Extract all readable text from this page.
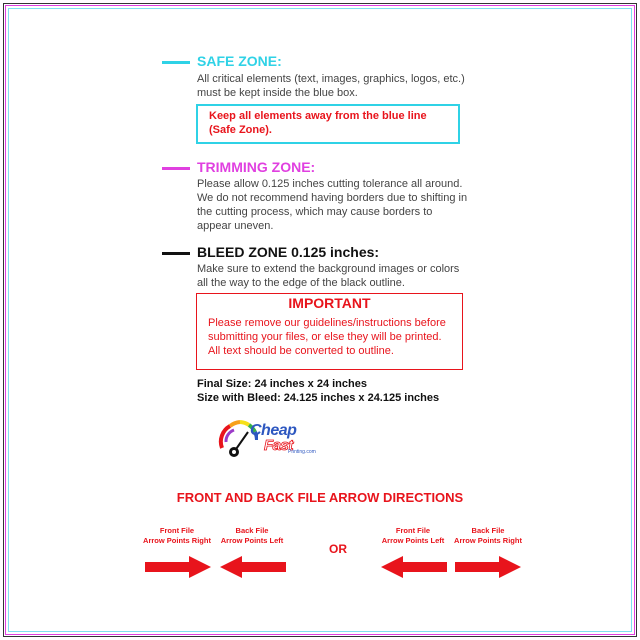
SAFE ZONE:
All critical elements (text, images, graphics, logos, etc.)
must be kept inside the blue box.
Keep all elements away from the blue line
(Safe Zone).
TRIMMING ZONE:
Please allow 0.125 inches cutting tolerance all around.
We do not recommend having borders due to shifting in
the cutting process, which may cause borders to
appear uneven.
BLEED ZONE 0.125 inches:
Make sure to extend the background images or colors
all the way to the edge of the black outline.
IMPORTANT
Please remove our guidelines/instructions before
submitting your files, or else they will be printed.
All text should be converted to outline.
Final Size: 24 inches x 24 inches
Size with Bleed: 24.125 inches x 24.125 inches
Cheap
Fast
Printing.com
FRONT AND BACK FILE ARROW DIRECTIONS
Front File
Arrow Points Right
Back File
Arrow Points Left
OR
Front File
Arrow Points Left
Back File
Arrow Points Right
